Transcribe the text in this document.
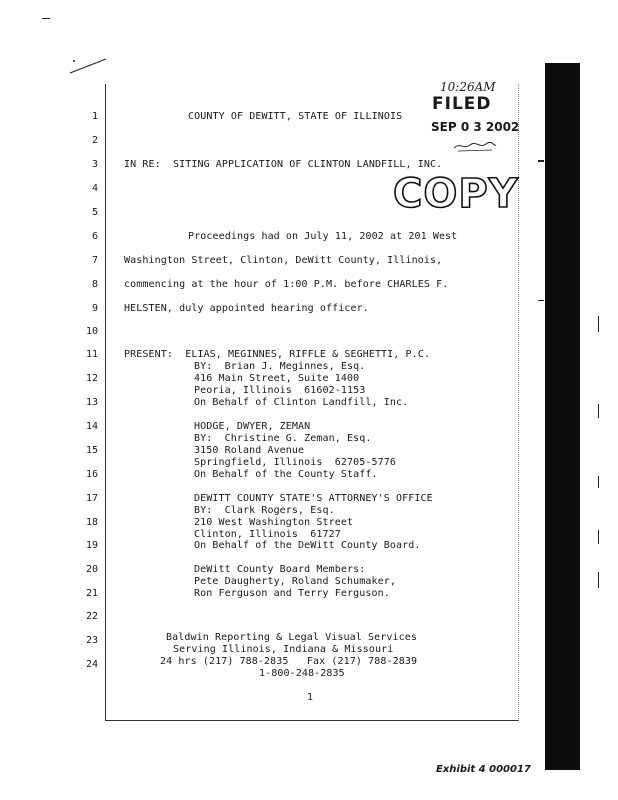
10:26AM
FILED
SEP 0 3 2002
COPY
1
2
3
4
5
6
7
8
9
10
11
12
13
14
15
16
17
18
19
20
21
22
23
24
COUNTY OF DEWITT, STATE OF ILLINOIS
IN RE:  SITING APPLICATION OF CLINTON LANDFILL, INC.
Proceedings had on July 11, 2002 at 201 West
Washington Street, Clinton, DeWitt County, Illinois,
commencing at the hour of 1:00 P.M. before CHARLES F.
HELSTEN, duly appointed hearing officer.
PRESENT:  ELIAS, MEGINNES, RIFFLE & SEGHETTI, P.C.
BY:  Brian J. Meginnes, Esq.
416 Main Street, Suite 1400
Peoria, Illinois  61602-1153
On Behalf of Clinton Landfill, Inc.
HODGE, DWYER, ZEMAN
BY:  Christine G. Zeman, Esq.
3150 Roland Avenue
Springfield, Illinois  62705-5776
On Behalf of the County Staff.
DEWITT COUNTY STATE'S ATTORNEY'S OFFICE
BY:  Clark Rogers, Esq.
210 West Washington Street
Clinton, Illinois  61727
On Behalf of the DeWitt County Board.
DeWitt County Board Members:
Pete Daugherty, Roland Schumaker,
Ron Ferguson and Terry Ferguson.
Baldwin Reporting & Legal Visual Services
Serving Illinois, Indiana & Missouri
24 hrs (217) 788-2835   Fax (217) 788-2839
1-800-248-2835
1
Exhibit 4 000017
